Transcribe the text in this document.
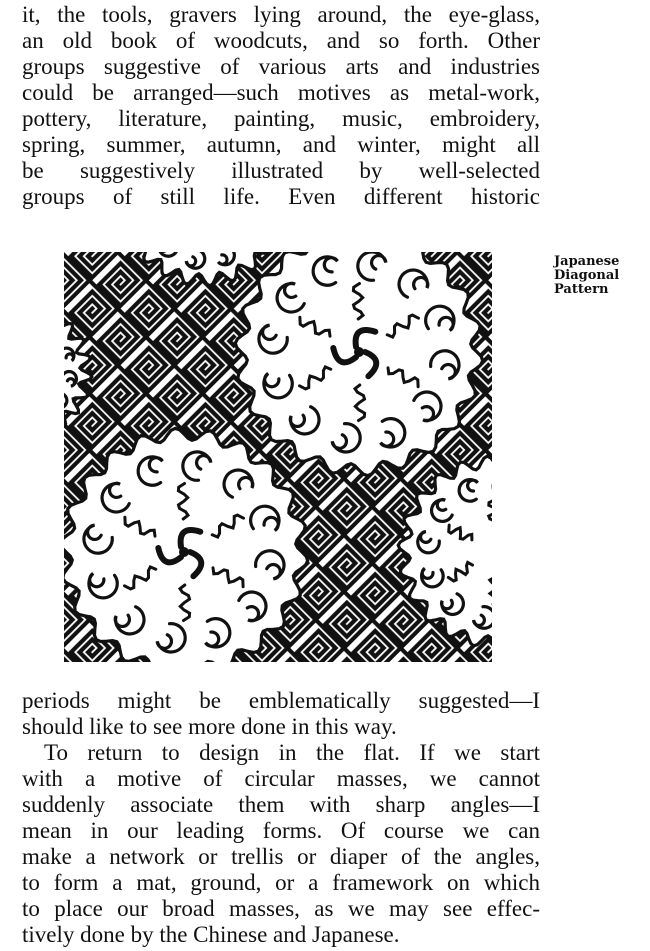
it, the tools, gravers lying around, the eye-glass,
an old book of woodcuts, and so forth. Other
groups suggestive of various arts and industries
could be arranged—such motives as metal-work,
pottery, literature, painting, music, embroidery,
spring, summer, autumn, and winter, might all
be suggestively illustrated by well-selected
groups of still life. Even different historic
Japanese
Diagonal
Pattern
periods might be emblematically suggested—I
should like to see more done in this way.
To return to design in the flat. If we start
with a motive of circular masses, we cannot
suddenly associate them with sharp angles—I
mean in our leading forms. Of course we can
make a network or trellis or diaper of the angles,
to form a mat, ground, or a framework on which
to place our broad masses, as we may see effec-
tively done by the Chinese and Japanese.
